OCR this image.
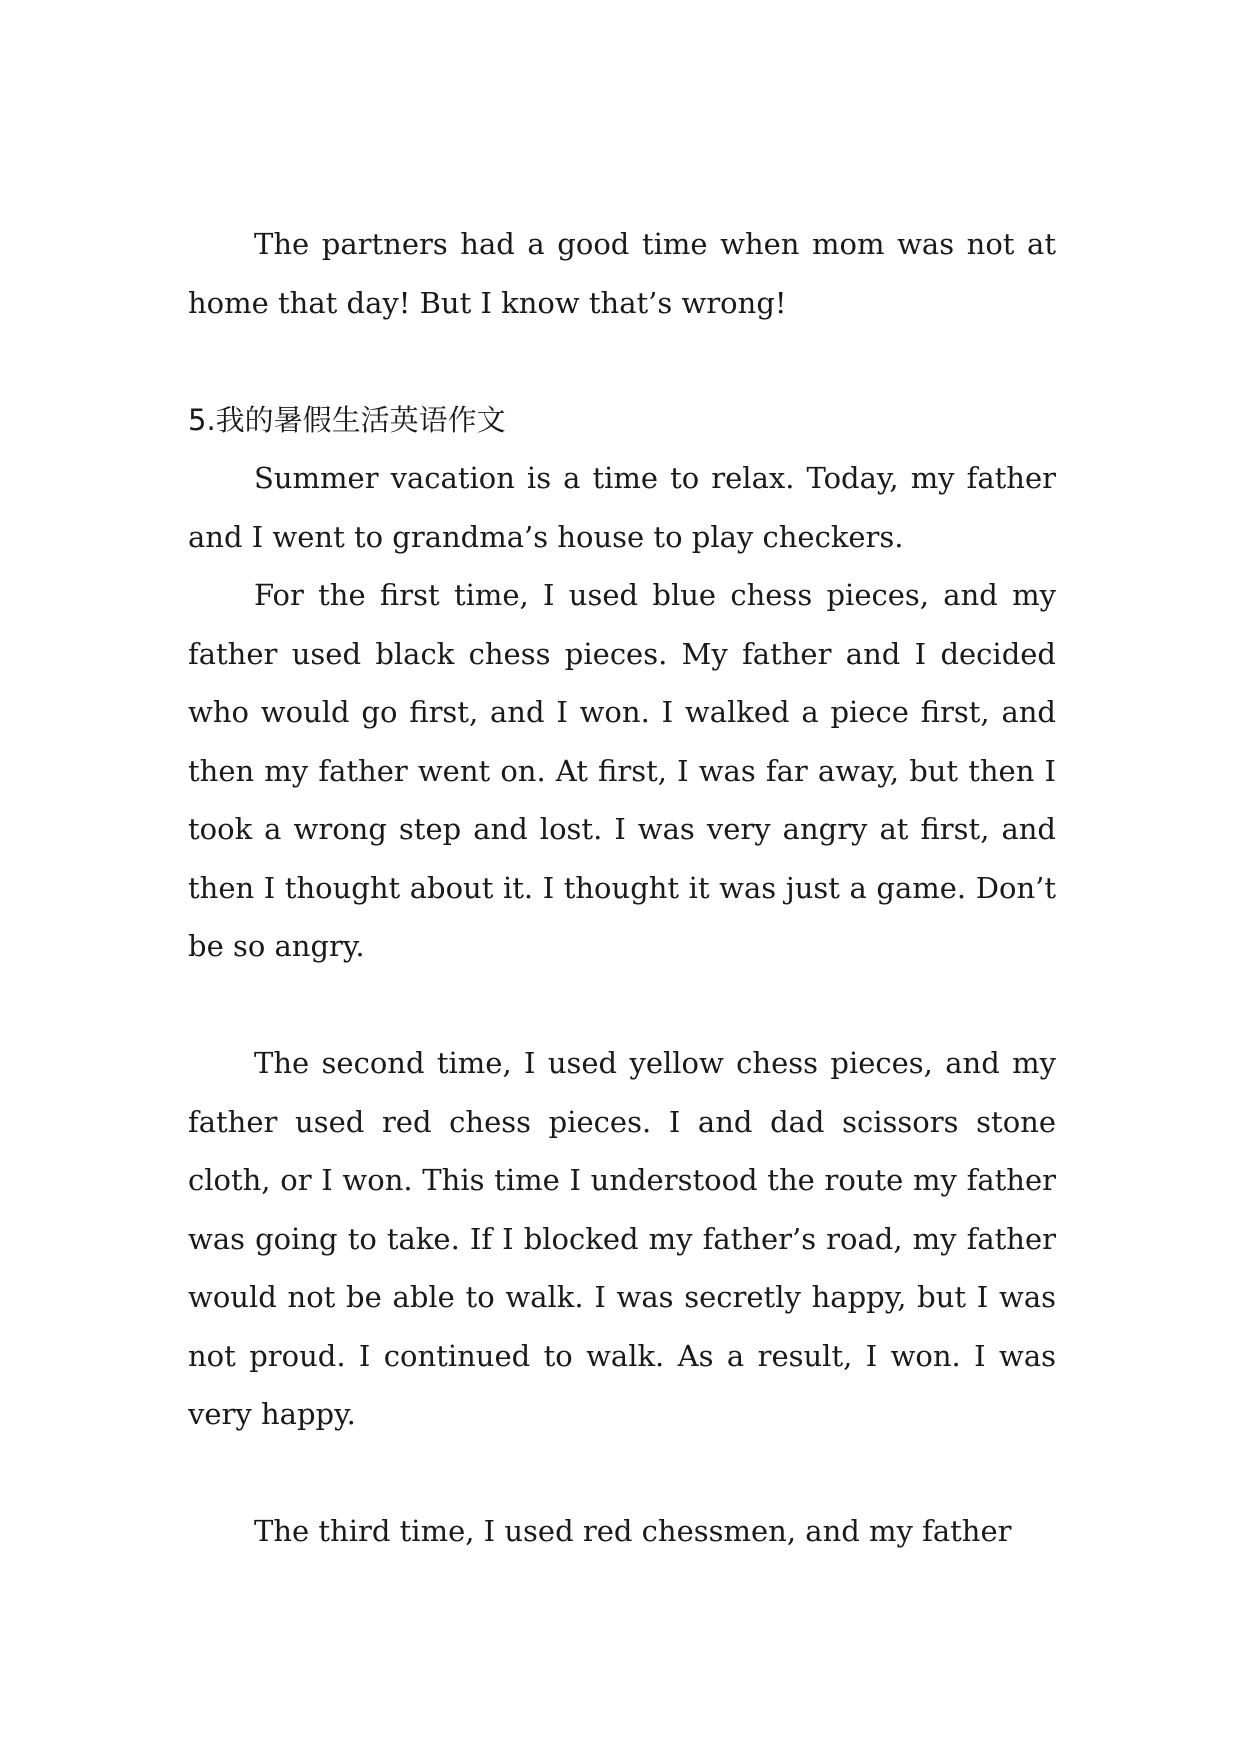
The partners had a good time when mom was not at home that day! But I know that’s wrong!

5.我的暑假生活英语作文

Summer vacation is a time to relax. Today, my father and I went to grandma’s house to play checkers.

For the first time, I used blue chess pieces, and my father used black chess pieces. My father and I decided who would go first, and I won. I walked a piece first, and then my father went on. At first, I was far away, but then I took a wrong step and lost. I was very angry at first, and then I thought about it. I thought it was just a game. Don’t be so angry.

The second time, I used yellow chess pieces, and my father used red chess pieces. I and dad scissors stone cloth, or I won. This time I understood the route my father was going to take. If I blocked my father’s road, my father would not be able to walk. I was secretly happy, but I was not proud. I continued to walk. As a result, I won. I was very happy.

The third time, I used red chessmen, and my father
